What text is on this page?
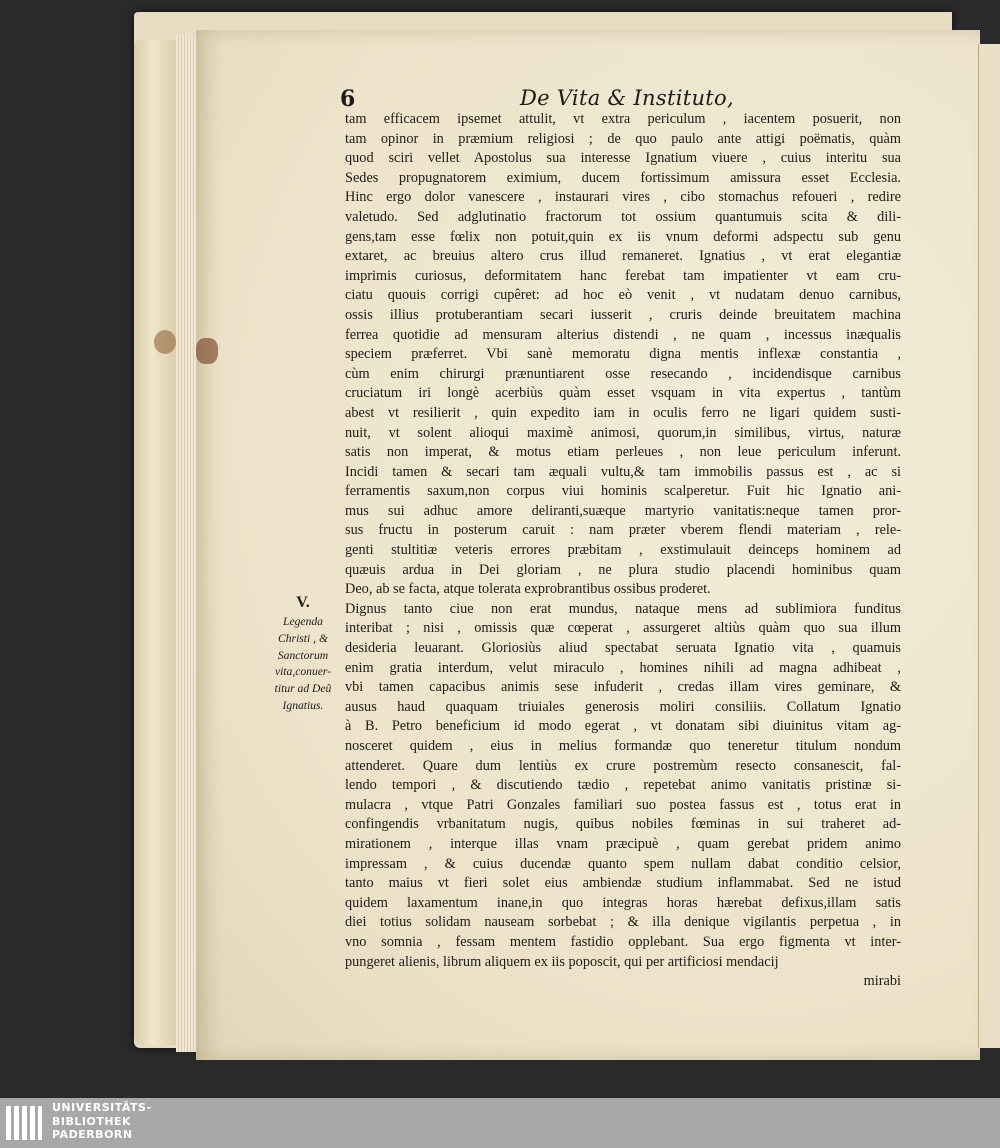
6	De Vita & Instituto,
tam efficacem ipsemet attulit, vt extra periculum , iacentem posuerit, non
tam opinor in præmium religiosi ; de quo paulo ante attigi poëmatis, quàm
quod sciri vellet Apostolus sua interesse Ignatium viuere , cuius interitu sua
Sedes propugnatorem eximium, ducem fortissimum amissura esset Ecclesia.
Hinc ergo dolor vanescere , instaurari vires , cibo stomachus refoueri , redire
valetudo. Sed adglutinatio fractorum tot ossium quantumuis scita & dili-
gens,tam esse fœlix non potuit,quin ex iis vnum deformi adspectu sub genu
extaret, ac breuius altero crus illud remaneret. Ignatius , vt erat elegantiæ
imprimis curiosus, deformitatem hanc ferebat tam impatienter vt eam cru-
ciatu quouis corrigi cupêret: ad hoc eò venit , vt nudatam denuo carnibus,
ossis illius protuberantiam secari iusserit , cruris deinde breuitatem machina
ferrea quotidie ad mensuram alterius distendi , ne quam , incessus inæqualis
speciem præferret. Vbi sanè memoratu digna mentis inflexæ constantia ,
cùm enim chirurgi prænuntiarent osse resecando , incidendisque carnibus
cruciatum iri longè acerbiùs quàm esset vsquam in vita expertus , tantùm
abest vt resilierit , quin expedito iam in oculis ferro ne ligari quidem susti-
nuit, vt solent alioqui maximè animosi, quorum,in similibus, virtus, naturæ
satis non imperat, & motus etiam perleues , non leue periculum inferunt.
Incidi tamen & secari tam æquali vultu,& tam immobilis passus est , ac si
ferramentis saxum,non corpus viui hominis scalperetur. Fuit hic Ignatio ani-
mus sui adhuc amore deliranti,suæque martyrio vanitatis:neque tamen pror-
sus fructu in posterum caruit : nam præter vberem flendi materiam , rele-
genti stultitiæ veteris errores præbitam , exstimulauit deinceps hominem ad
quæuis ardua in Dei gloriam , ne plura studio placendi hominibus quam
Deo, ab se facta, atque tolerata exprobrantibus ossibus proderet.
Dignus tanto ciue non erat mundus, nataque mens ad sublimiora funditus
interibat ; nisi , omissis quæ cœperat , assurgeret altiùs quàm quo sua illum
desideria leuarant. Gloriosiùs aliud spectabat seruata Ignatio vita , quamuis
enim gratia interdum, velut miraculo , homines nihili ad magna adhibeat ,
vbi tamen capacibus animis sese infuderit , credas illam vires geminare, &
ausus haud quaquam triuiales generosis moliri consiliis. Collatum Ignatio
à B. Petro beneficium id modo egerat , vt donatam sibi diuinitus vitam ag-
nosceret quidem , eius in melius formandæ quo teneretur titulum nondum
attenderet. Quare dum lentiùs ex crure postremùm resecto consanescit, fal-
lendo tempori , & discutiendo tædio , repetebat animo vanitatis pristinæ si-
mulacra , vtque Patri Gonzales familiari suo postea fassus est , totus erat in
confingendis vrbanitatum nugis, quibus nobiles fœminas in sui traheret ad-
mirationem , interque illas vnam præcipuè , quam gerebat pridem animo
impressam , & cuius ducendæ quanto spem nullam dabat conditio celsior,
tanto maius vt fieri solet eius ambiendæ studium inflammabat. Sed ne istud
quidem laxamentum inane,in quo integras horas hærebat defixus,illam satis
diei totius solidam nauseam sorbebat ; & illa denique vigilantis perpetua , in
vno somnia , fessam mentem fastidio opplebant. Sua ergo figmenta vt inter-
pungeret alienis, librum aliquem ex iis poposcit, qui per artificiosi mendacij
mirabi
V.
Legenda
Christi , &
Sanctorum
vita,conuer-
titur ad Deũ
Ignatius.
UNIVERSITÄTS-
BIBLIOTHEK
PADERBORN
